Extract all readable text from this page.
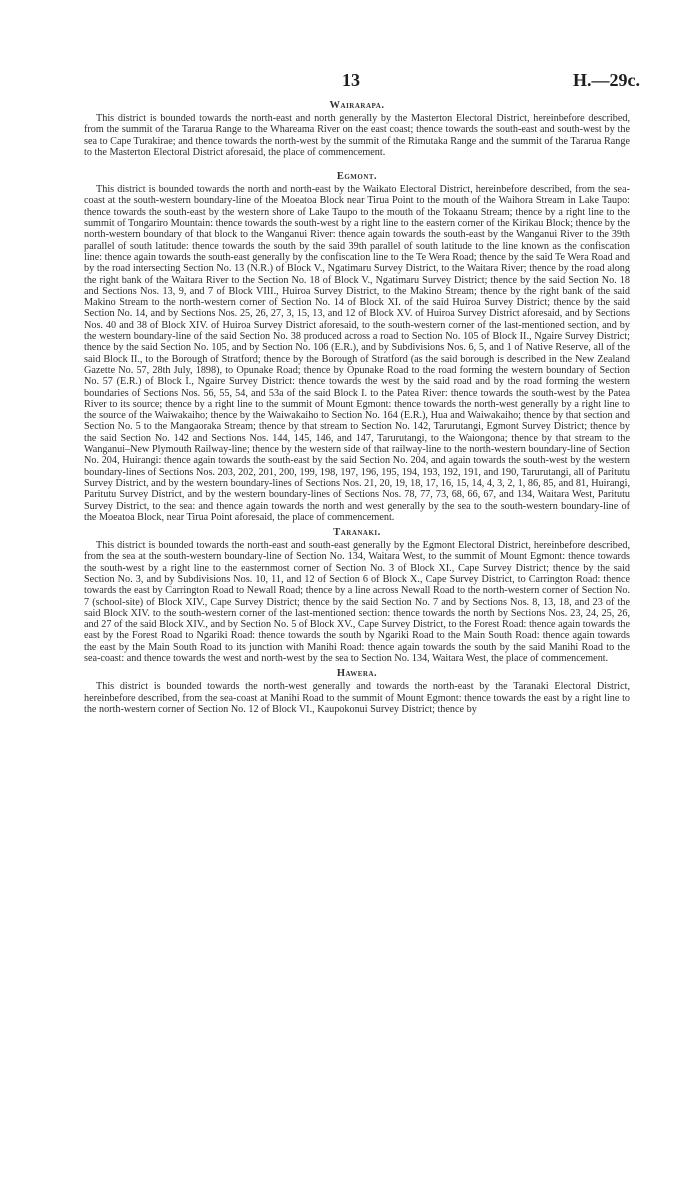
13	H.—29c.
Wairarapa.

This district is bounded towards the north-east and north generally by the Masterton Electoral District, hereinbefore described, from the summit of the Tararua Range to the Whareama River on the east coast; thence towards the south-east and south-west by the sea to Cape Turakirae; and thence towards the north-west by the summit of the Rimutaka Range and the summit of the Tararua Range to the Masterton Electoral District aforesaid, the place of commencement.

Egmont.

This district is bounded towards the north and north-east by the Waikato Electoral District, hereinbefore described, from the sea-coast at the south-western boundary-line of the Moeatoa Block near Tirua Point to the mouth of the Waihora Stream in Lake Taupo: thence towards the south-east by the western shore of Lake Taupo to the mouth of the Tokaanu Stream; thence by a right line to the summit of Tongariro Mountain: thence towards the south-west by a right line to the eastern corner of the Kirikau Block; thence by the north-western boundary of that block to the Wanganui River: thence again towards the south-east by the Wanganui River to the 39th parallel of south latitude: thence towards the south by the said 39th parallel of south latitude to the line known as the confiscation line: thence again towards the south-east generally by the confiscation line to the Te Wera Road; thence by the said Te Wera Road and by the road intersecting Section No. 13 (N.R.) of Block V., Ngatimaru Survey District, to the Waitara River; thence by the road along the right bank of the Waitara River to the Section No. 18 of Block V., Ngatimaru Survey District; thence by the said Section No. 18 and Sections Nos. 13, 9, and 7 of Block VIII., Huiroa Survey District, to the Makino Stream; thence by the right bank of the said Makino Stream to the north-western corner of Section No. 14 of Block XI. of the said Huiroa Survey District; thence by the said Section No. 14, and by Sections Nos. 25, 26, 27, 3, 15, 13, and 12 of Block XV. of Huiroa Survey District aforesaid, and by Sections Nos. 40 and 38 of Block XIV. of Huiroa Survey District aforesaid, to the south-western corner of the last-mentioned section, and by the western boundary-line of the said Section No. 38 produced across a road to Section No. 105 of Block II., Ngaire Survey District; thence by the said Section No. 105, and by Section No. 106 (E.R.), and by Subdivisions Nos. 6, 5, and 1 of Native Reserve, all of the said Block II., to the Borough of Stratford; thence by the Borough of Stratford (as the said borough is described in the New Zealand Gazette No. 57, 28th July, 1898), to Opunake Road; thence by Opunake Road to the road forming the western boundary of Section No. 57 (E.R.) of Block I., Ngaire Survey District: thence towards the west by the said road and by the road forming the western boundaries of Sections Nos. 56, 55, 54, and 53a of the said Block I. to the Patea River: thence towards the south-west by the Patea River to its source; thence by a right line to the summit of Mount Egmont: thence towards the north-west generally by a right line to the source of the Waiwakaiho; thence by the Waiwakaiho to Section No. 164 (E.R.), Hua and Waiwakaiho; thence by that section and Section No. 5 to the Mangaoraka Stream; thence by that stream to Section No. 142, Tarurutangi, Egmont Survey District; thence by the said Section No. 142 and Sections Nos. 144, 145, 146, and 147, Tarurutangi, to the Waiongona; thence by that stream to the Wanganui–New Plymouth Railway-line; thence by the western side of that railway-line to the north-western boundary-line of Section No. 204, Huirangi: thence again towards the south-east by the said Section No. 204, and again towards the south-west by the western boundary-lines of Sections Nos. 203, 202, 201, 200, 199, 198, 197, 196, 195, 194, 193, 192, 191, and 190, Tarurutangi, all of Paritutu Survey District, and by the western boundary-lines of Sections Nos. 21, 20, 19, 18, 17, 16, 15, 14, 4, 3, 2, 1, 86, 85, and 81, Huirangi, Paritutu Survey District, and by the western boundary-lines of Sections Nos. 78, 77, 73, 68, 66, 67, and 134, Waitara West, Paritutu Survey District, to the sea: and thence again towards the north and west generally by the sea to the south-western boundary-line of the Moeatoa Block, near Tirua Point aforesaid, the place of commencement.

Taranaki.

This district is bounded towards the north-east and south-east generally by the Egmont Electoral District, hereinbefore described, from the sea at the south-western boundary-line of Section No. 134, Waitara West, to the summit of Mount Egmont: thence towards the south-west by a right line to the easternmost corner of Section No. 3 of Block XI., Cape Survey District; thence by the said Section No. 3, and by Subdivisions Nos. 10, 11, and 12 of Section 6 of Block X., Cape Survey District, to Carrington Road: thence towards the east by Carrington Road to Newall Road; thence by a line across Newall Road to the north-western corner of Section No. 7 (school-site) of Block XIV., Cape Survey District; thence by the said Section No. 7 and by Sections Nos. 8, 13, 18, and 23 of the said Block XIV. to the south-western corner of the last-mentioned section: thence towards the north by Sections Nos. 23, 24, 25, 26, and 27 of the said Block XIV., and by Section No. 5 of Block XV., Cape Survey District, to the Forest Road: thence again towards the east by the Forest Road to Ngariki Road: thence towards the south by Ngariki Road to the Main South Road: thence again towards the east by the Main South Road to its junction with Manihi Road: thence again towards the south by the said Manihi Road to the sea-coast: and thence towards the west and north-west by the sea to Section No. 134, Waitara West, the place of commencement.

Hawera.

This district is bounded towards the north-west generally and towards the north-east by the Taranaki Electoral District, hereinbefore described, from the sea-coast at Manihi Road to the summit of Mount Egmont: thence towards the east by a right line to the north-western corner of Section No. 12 of Block VI., Kaupokonui Survey District; thence by
